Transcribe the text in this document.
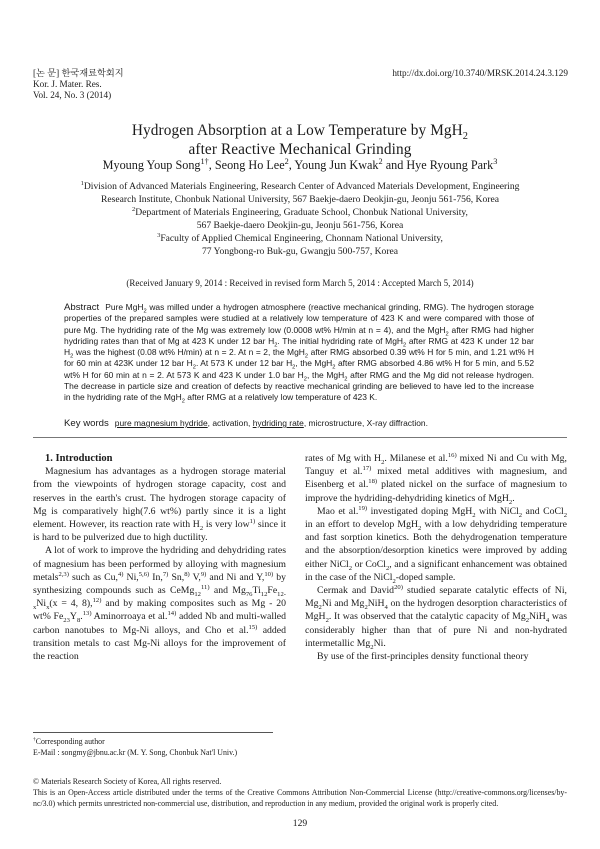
[논 문] 한국재료학회지
Kor. J. Mater. Res.
Vol. 24, No. 3 (2014)
http://dx.doi.org/10.3740/MRSK.2014.24.3.129
Hydrogen Absorption at a Low Temperature by MgH$_2$
after Reactive Mechanical Grinding
Myoung Youp Song$^{1\dagger}$, Seong Ho Lee$^2$, Young Jun Kwak$^2$ and Hye Ryoung Park$^3$
$^1$Division of Advanced Materials Engineering, Research Center of Advanced Materials Development, Engineering
Research Institute, Chonbuk National University, 567 Baekje-daero Deokjin-gu, Jeonju 561-756, Korea
$^2$Department of Materials Engineering, Graduate School, Chonbuk National University,
567 Baekje-daero Deokjin-gu, Jeonju 561-756, Korea
$^3$Faculty of Applied Chemical Engineering, Chonnam National University,
77 Yongbong-ro Buk-gu, Gwangju 500-757, Korea
(Received January 9, 2014 : Received in revised form March 5, 2014 : Accepted March 5, 2014)
Abstract Pure MgH$_2$ was milled under a hydrogen atmosphere (reactive mechanical grinding, RMG). The hydrogen storage properties of the prepared samples were studied at a relatively low temperature of 423 K and were compared with those of pure Mg. The hydriding rate of the Mg was extremely low (0.0008 wt% H/min at n = 4), and the MgH$_2$ after RMG had higher hydriding rates than that of Mg at 423 K under 12 bar $H_2$. The initial hydriding rate of MgH$_2$ after RMG at 423 K under 12 bar $H_2$ was the highest (0.08 wt% H/min) at n = 2. At n = 2, the MgH$_2$ after RMG absorbed 0.39 wt% H for 5 min, and 1.21 wt% H for 60 min at 423K under 12 bar $H_2$. At 573 K under 12 bar $H_2$, the MgH$_2$ after RMG absorbed 4.86 wt% H for 5 min, and 5.52 wt% H for 60 min at n = 2. At 573 K and 423 K under 1.0 bar $H_2$, the MgH$_2$ after RMG and the Mg did not release hydrogen. The decrease in particle size and creation of defects by reactive mechanical grinding are believed to have led to the increase in the hydriding rate of the MgH$_2$ after RMG at a relatively low temperature of 423 K.
Key words pure magnesium hydride, activation, hydriding rate, microstructure, X-ray diffraction.

1. Introduction

Magnesium has advantages as a hydrogen storage material from the viewpoints of hydrogen storage capacity, cost and reserves in the earth's crust. The hydrogen storage capacity of Mg is comparatively high(7.6 wt%) partly since it is a light element. However, its reaction rate with $H_2$ is very low$^{1)}$ since it is hard to be pulverized due to high ductility.

A lot of work to improve the hydriding and dehydriding rates of magnesium has been performed by alloying with magnesium metals$^{2,3)}$ such as Cu,$^{4)}$ Ni,$^{5,6)}$ In,$^{7)}$ Sn,$^{8)}$ V,$^{9)}$ and Ni and Y,$^{10)}$ by synthesizing compounds such as CeMg$_{12}^{11)}$ and $Mg_{76}Ti_{12}Fe_{12-x}Ni_x(x = 4$, 8),$^{12)}$ and by making composites such as Mg - 20 wt% $Fe_{23}Y_8.^{13)}$ Aminorroaya et al.$^{14)}$ added Nb and multi-walled carbon nanotubes to Mg-Ni alloys, and Cho et al.$^{15)}$ added transition metals to cast Mg-Ni alloys for the improvement of the reaction

rates of Mg with $H_2$. Milanese et al.$^{16)}$ mixed Ni and Cu with Mg, Tanguy et al.$^{17)}$ mixed metal additives with magnesium, and Eisenberg et al.$^{18)}$ plated nickel on the surface of magnesium to improve the hydriding-dehydriding kinetics of MgH$_2$.

Mao et al.$^{19)}$ investigated doping MgH$_2$ with NiCl$_2$ and CoCl$_2$ in an effort to develop MgH$_2$ with a low dehydriding temperature and fast sorption kinetics. Both the dehydrogenation temperature and the absorption/desorption kinetics were improved by adding either NiCl$_2$ or CoCl$_2$, and a significant enhancement was obtained in the case of the NiCl$_2$-doped sample.

Cermak and David$^{20)}$ studied separate catalytic effects of Ni, $Mg_2Ni$ and $Mg_2NiH_4$ on the hydrogen desorption characteristics of MgH$_2$. It was observed that the catalytic capacity of $Mg_2NiH_4$ was considerably higher than that of pure Ni and non-hydrated intermetallic $Mg_2Ni$.

By use of the first-principles density functional theory

†Corresponding author
E-Mail : songmy@jbnu.ac.kr (M. Y. Song, Chonbuk Nat'l Univ.)
© Materials Research Society of Korea, All rights reserved.
This is an Open-Access article distributed under the terms of the Creative Commons Attribution Non-Commercial License (http://creative-commons.org/licenses/by-nc/3.0) which permits unrestricted non-commercial use, distribution, and reproduction in any medium, provided the original work is properly cited.
129
